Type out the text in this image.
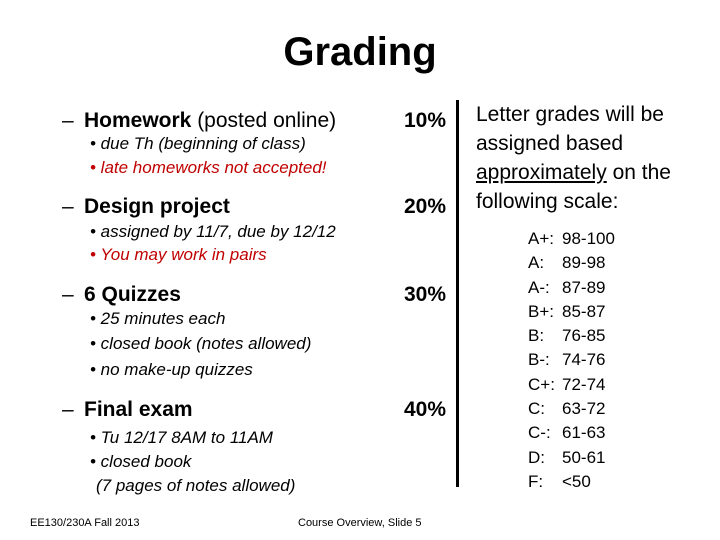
Grading
– Homework (posted online)	10%
• due Th (beginning of class)
• late homeworks not accepted!
– Design project	20%
• assigned by 11/7, due by 12/12
• You may work in pairs
– 6 Quizzes	30%
• 25 minutes each
• closed book (notes allowed)
• no make-up quizzes
– Final exam	40%
• Tu 12/17 8AM to 11AM
• closed book
(7 pages of notes allowed)
Letter grades will be
assigned based
approximately on the
following scale:
A+: 98-100
A: 89-98
A-: 87-89
B+: 85-87
B: 76-85
B-: 74-76
C+: 72-74
C: 63-72
C-: 61-63
D: 50-61
F: <50
EE130/230A Fall 2013	Course Overview, Slide 5
